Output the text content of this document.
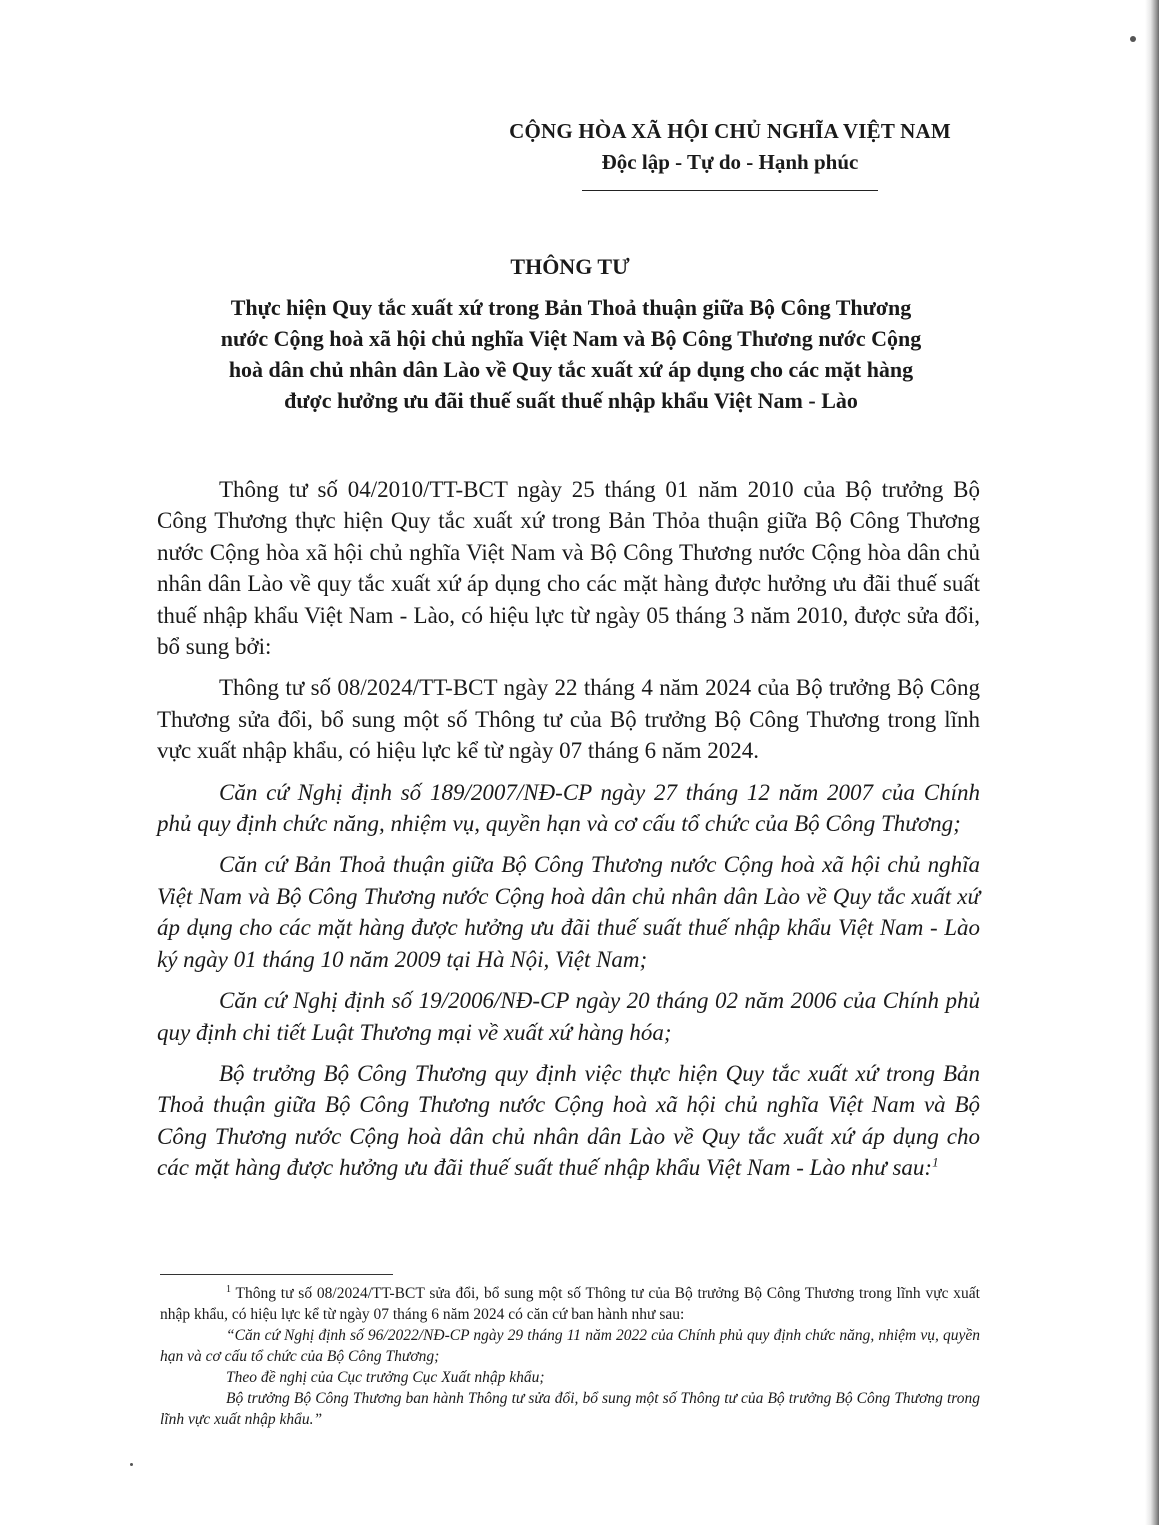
CỘNG HÒA XÃ HỘI CHỦ NGHĨA VIỆT NAM
Độc lập - Tự do - Hạnh phúc
THÔNG TƯ
Thực hiện Quy tắc xuất xứ trong Bản Thoả thuận giữa Bộ Công Thương
nước Cộng hoà xã hội chủ nghĩa Việt Nam và Bộ Công Thương nước Cộng
hoà dân chủ nhân dân Lào về Quy tắc xuất xứ áp dụng cho các mặt hàng
được hưởng ưu đãi thuế suất thuế nhập khẩu Việt Nam - Lào

Thông tư số 04/2010/TT-BCT ngày 25 tháng 01 năm 2010 của Bộ trưởng Bộ Công Thương thực hiện Quy tắc xuất xứ trong Bản Thỏa thuận giữa Bộ Công Thương nước Cộng hòa xã hội chủ nghĩa Việt Nam và Bộ Công Thương nước Cộng hòa dân chủ nhân dân Lào về quy tắc xuất xứ áp dụng cho các mặt hàng được hưởng ưu đãi thuế suất thuế nhập khẩu Việt Nam - Lào, có hiệu lực từ ngày 05 tháng 3 năm 2010, được sửa đổi, bổ sung bởi:

Thông tư số 08/2024/TT-BCT ngày 22 tháng 4 năm 2024 của Bộ trưởng Bộ Công Thương sửa đổi, bổ sung một số Thông tư của Bộ trưởng Bộ Công Thương trong lĩnh vực xuất nhập khẩu, có hiệu lực kể từ ngày 07 tháng 6 năm 2024.

Căn cứ Nghị định số 189/2007/NĐ-CP ngày 27 tháng 12 năm 2007 của Chính phủ quy định chức năng, nhiệm vụ, quyền hạn và cơ cấu tổ chức của Bộ Công Thương;

Căn cứ Bản Thoả thuận giữa Bộ Công Thương nước Cộng hoà xã hội chủ nghĩa Việt Nam và Bộ Công Thương nước Cộng hoà dân chủ nhân dân Lào về Quy tắc xuất xứ áp dụng cho các mặt hàng được hưởng ưu đãi thuế suất thuế nhập khẩu Việt Nam - Lào ký ngày 01 tháng 10 năm 2009 tại Hà Nội, Việt Nam;

Căn cứ Nghị định số 19/2006/NĐ-CP ngày 20 tháng 02 năm 2006 của Chính phủ quy định chi tiết Luật Thương mại về xuất xứ hàng hóa;

Bộ trưởng Bộ Công Thương quy định việc thực hiện Quy tắc xuất xứ trong Bản Thoả thuận giữa Bộ Công Thương nước Cộng hoà xã hội chủ nghĩa Việt Nam và Bộ Công Thương nước Cộng hoà dân chủ nhân dân Lào về Quy tắc xuất xứ áp dụng cho các mặt hàng được hưởng ưu đãi thuế suất thuế nhập khẩu Việt Nam - Lào như sau:$^1$

$^1$ Thông tư số 08/2024/TT-BCT sửa đổi, bổ sung một số Thông tư của Bộ trưởng Bộ Công Thương trong lĩnh vực xuất nhập khẩu, có hiệu lực kể từ ngày 07 tháng 6 năm 2024 có căn cứ ban hành như sau:

“Căn cứ Nghị định số 96/2022/NĐ-CP ngày 29 tháng 11 năm 2022 của Chính phủ quy định chức năng, nhiệm vụ, quyền hạn và cơ cấu tổ chức của Bộ Công Thương;

Theo đề nghị của Cục trưởng Cục Xuất nhập khẩu;

Bộ trưởng Bộ Công Thương ban hành Thông tư sửa đổi, bổ sung một số Thông tư của Bộ trưởng Bộ Công Thương trong lĩnh vực xuất nhập khẩu.”
